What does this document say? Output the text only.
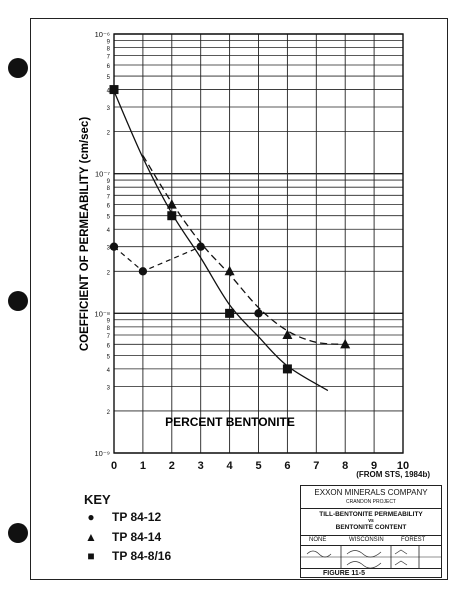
10⁻⁶
9
8
7
6
5
4
3
2
10⁻⁷
9
8
7
6
5
4
3
2
10⁻⁸
9
8
7
6
5
4
3
2
10⁻⁹
0 1 2 3 4 5 6 7 8 9 10
PERCENT BENTONITE
COEFFICIENT OF PERMEABILITY (cm/sec)
(FROM STS, 1984b)
KEY
● TP 84-12
▲ TP 84-14
■ TP 84-8/16
EXXON MINERALS COMPANY
CRANDON PROJECT
TILL-BENTONITE PERMEABILITY
vs
BENTONITE CONTENT
NONE	WISCONSIN	FOREST
FIGURE 11-5
